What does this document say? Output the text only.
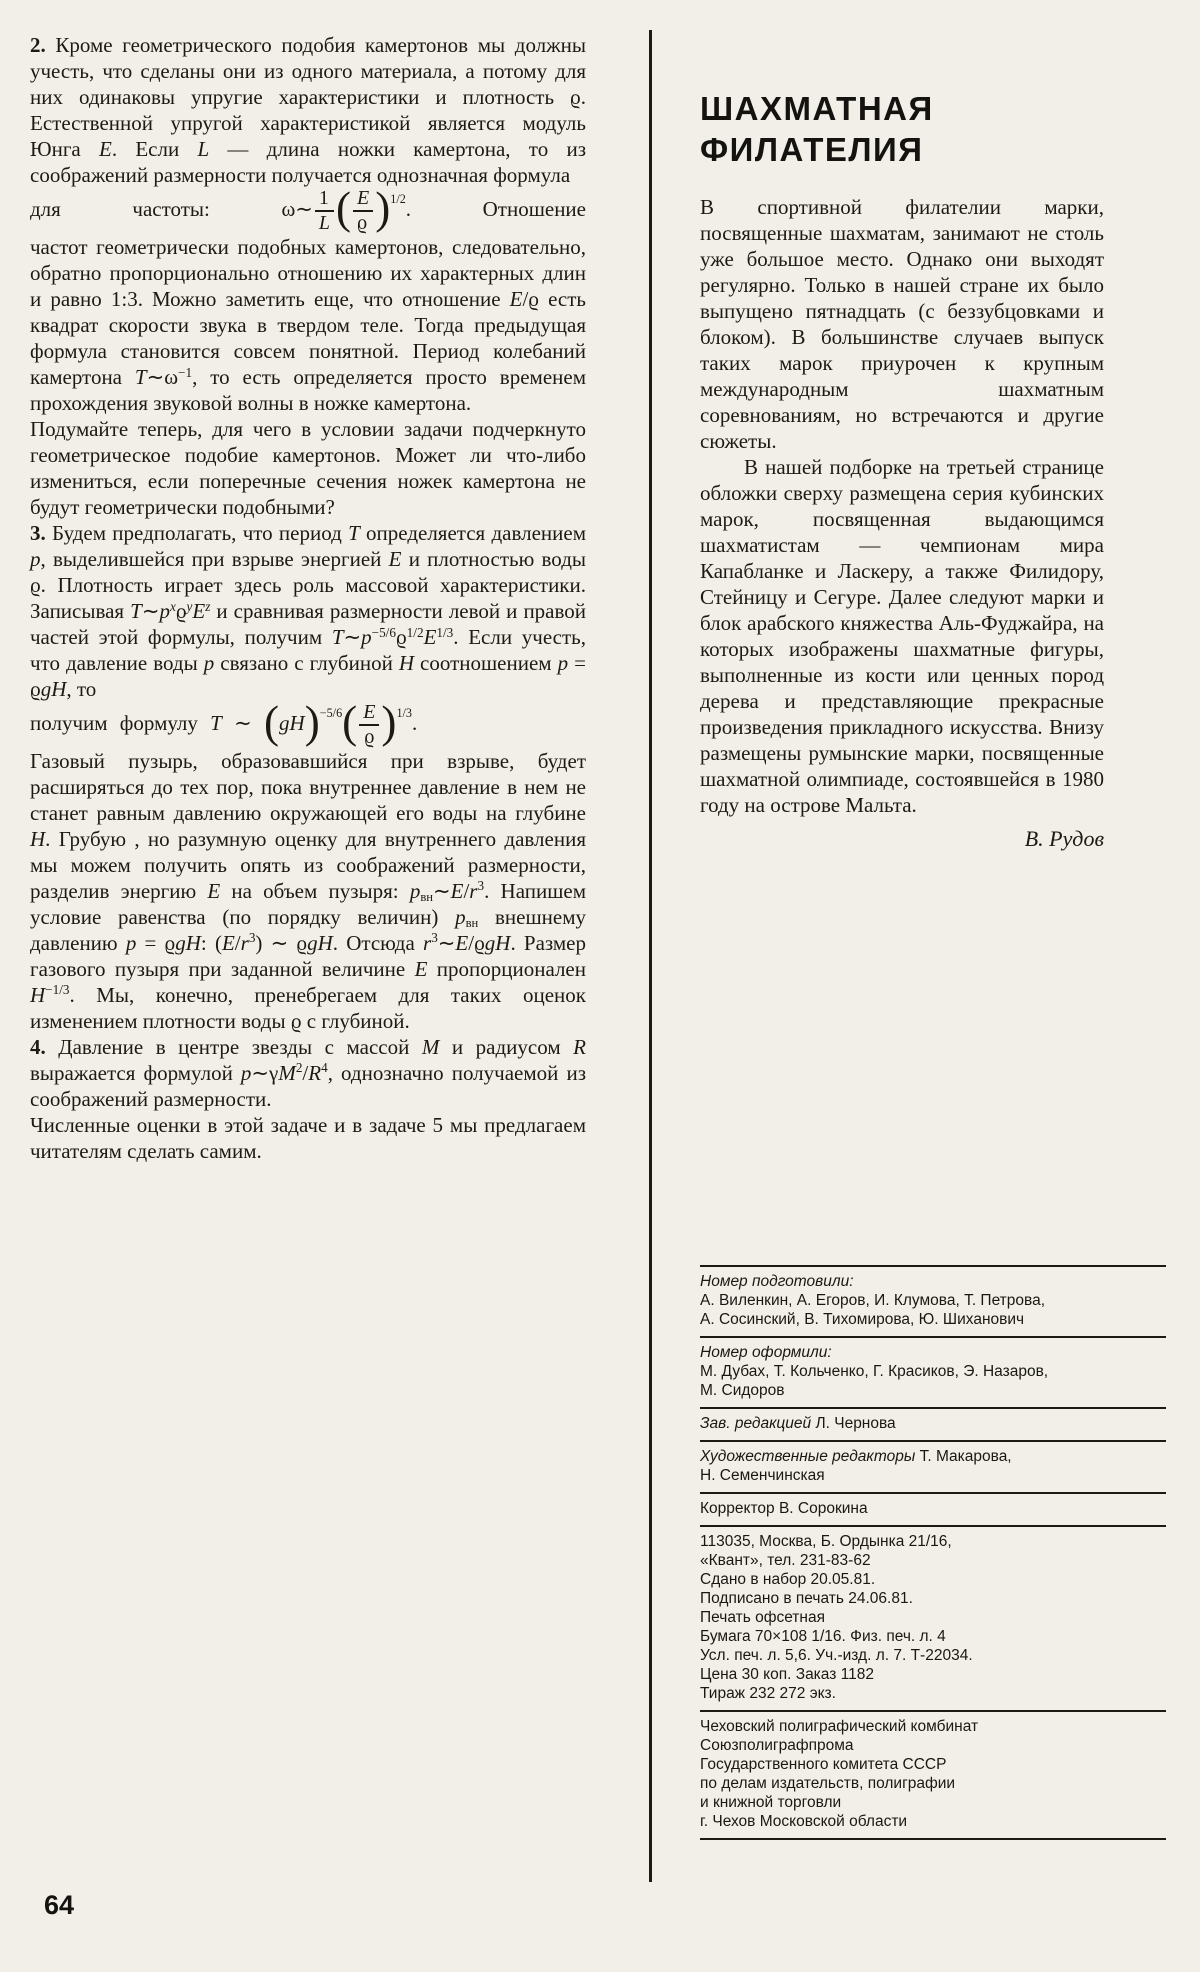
2. Кроме геометрического подобия камертонов мы должны учесть, что сделаны они из одного материала, а потому для них одинаковы упругие характеристики и плотность ϱ. Естественной упругой характеристикой является модуль Юнга E. Если L — длина ножки камертона, то из соображений размерности получается однозначная формула

для частоты:	ω∼ $\frac{1}{L}$ ( $\frac{E}{ϱ} )^{1/2}$. Отношение

частот геометрически подобных камертонов, следовательно, обратно пропорционально отношению их характерных длин и равно 1:3. Можно заметить еще, что отношение E/ϱ есть квадрат скорости звука в твердом теле. Тогда предыдущая формула становится совсем понятной. Период колебаний камертона $T\sim\omega^{-1}$, то есть определяется просто временем прохождения звуковой волны в ножке камертона.

Подумайте теперь, для чего в условии задачи подчеркнуто геометрическое подобие камертонов. Может ли что-либо измениться, если поперечные сечения ножек камертона не будут геометрически подобными?

3. Будем предполагать, что период T определяется давлением p, выделившейся при взрыве энергией E и плотностью воды ϱ. Плотность играет здесь роль массовой характеристики. Записывая $T\sim p^xϱ^yE^z$ и сравнивая размерности левой и правой частей этой формулы, получим $T\sim p^{-5/6}ϱ^{1/2}E^{1/3}$. Если учесть, что давление воды p связано с глубиной H соотношением p = ϱgH, то

получим формулу T ∼ $(gH)^{-5/6}( \frac{E}{ϱ} )^{1/3}$.

Газовый пузырь, образовавшийся при взрыве, будет расширяться до тех пор, пока внутреннее давление в нем не станет равным давлению окружающей его воды на глубине H. Грубую , но разумную оценку для внутреннего давления мы можем получить опять из соображений размерности, разделив энергию E на объем пузыря: $p_{вн}\sim E/r^3$. Напишем условие равенства (по порядку величин) $p_{вн}$ внешнему давлению p = ϱgH: $(E/r^3)$ ∼ ϱgH. Отсюда $r^3\sim E$/ϱgH. Размер газового пузыря при заданной величине E пропорционален $H^{-1/3}$. Мы, конечно, пренебрегаем для таких оценок изменением плотности воды ϱ с глубиной.

4. Давление в центре звезды с массой M и радиусом R выражается формулой $p\sim\gamma M^2/R^4$, однозначно получаемой из соображений размерности.

Численные оценки в этой задаче и в задаче 5 мы предлагаем читателям сделать самим.

ШАХМАТНАЯ
ФИЛАТЕЛИЯ

В спортивной филателии марки, посвященные шахматам, занимают не столь уже большое место. Однако они выходят регулярно. Только в нашей стране их было выпущено пятнадцать (с беззубцовками и блоком). В большинстве случаев выпуск таких марок приурочен к крупным международным шахматным соревнованиям, но встречаются и другие сюжеты.

В нашей подборке на третьей странице обложки сверху размещена серия кубинских марок, посвященная выдающимся шахматистам — чемпионам мира Капабланке и Ласкеру, а также Филидору, Стейницу и Сегуре. Далее следуют марки и блок арабского княжества Аль-Фуджайра, на которых изображены шахматные фигуры, выполненные из кости или ценных пород дерева и представляющие прекрасные произведения прикладного искусства. Внизу размещены румынские марки, посвященные шахматной олимпиаде, состоявшейся в 1980 году на острове Мальта.

В. Рудов
Номер подготовили:
А. Виленкин, А. Егоров, И. Клумова, Т. Петрова,
А. Сосинский, В. Тихомирова, Ю. Шиханович
Номер оформили:
М. Дубах, Т. Кольченко, Г. Красиков, Э. Назаров,
М. Сидоров
Зав. редакцией Л. Чернова
Художественные редакторы Т. Макарова,
Н. Семенчинская
Корректор В. Сорокина
113035, Москва, Б. Ордынка 21/16,
«Квант», тел. 231-83-62
Сдано в набор 20.05.81.
Подписано в печать 24.06.81.
Печать офсетная
Бумага 70×108 1/16. Физ. печ. л. 4
Усл. печ. л. 5,6. Уч.-изд. л. 7. Т-22034.
Цена 30 коп. Заказ 1182
Тираж 232 272 экз.
Чеховский полиграфический комбинат
Союзполиграфпрома
Государственного комитета СССР
по делам издательств, полиграфии
и книжной торговли
г. Чехов Московской области
64
